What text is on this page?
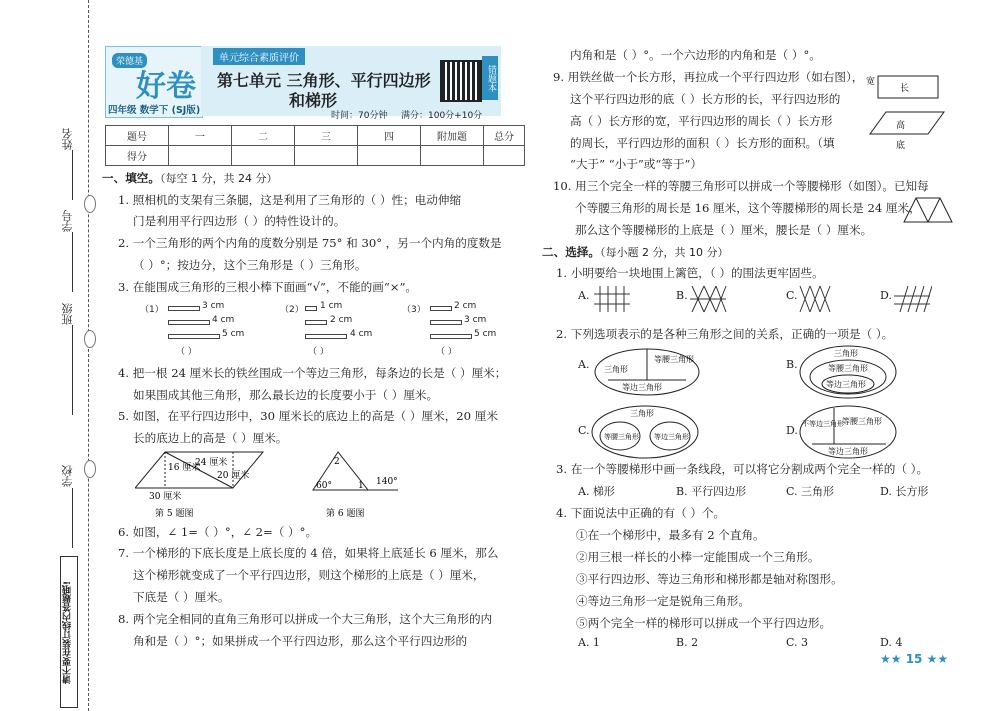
姓名
学号
班级
学校
请不要在装订线内答题哦!
荣德基
好卷
四年级 数学下 (SJ版)
单元综合素质评价
第七单元 三角形、平行四边形
和梯形
时间：70分钟 满分：100分+10分
错题本
题号	一	二	三	四	附加题	总分
得分						
一、填空。（每空 1 分，共 24 分）
1. 照相机的支架有三条腿，这是利用了三角形的（ ）性；电动伸缩
门是利用平行四边形（ ）的特性设计的。
2. 一个三角形的两个内角的度数分别是 75° 和 30° ，另一个内角的度数是
（ ）°；按边分，这个三角形是（ ）三角形。
3. 在能围成三角形的三根小棒下面画“√”，不能的画“×”。
（1）	3 cm
4 cm
5 cm
（2） 1 cm
2 cm
4 cm
（3）	2 cm
3 cm
5 cm
（ ）	（ ）	（ ）
4. 把一根 24 厘米长的铁丝围成一个等边三角形，每条边的长是（ ）厘米；
如果围成其他三角形，那么最长边的长度要小于（ ）厘米。
5. 如图，在平行四边形中，30 厘米长的底边上的高是（ ）厘米，20 厘米
长的底边上的高是（ ）厘米。
16 厘米
24 厘米
20 厘米
30 厘米
第 5 题图
2
1
60°	140°
第 6 题图
6. 如图，∠ 1=（ ）°，∠ 2=（ ）°。
7. 一个梯形的下底长度是上底长度的 4 倍，如果将上底延长 6 厘米，那么
这个梯形就变成了一个平行四边形，则这个梯形的上底是（ ）厘米，
下底是（ ）厘米。
8. 两个完全相同的直角三角形可以拼成一个大三角形，这个大三角形的内
角和是（ ）°；如果拼成一个平行四边形，那么这个平行四边形的
内角和是（ ）°。一个六边形的内角和是（ ）°。
9. 用铁丝做一个长方形，再拉成一个平行四边形（如右图），
这个平行四边形的底（ ）长方形的长，平行四边形的
高（ ）长方形的宽，平行四边形的周长（ ）长方形
的周长，平行四边形的面积（ ）长方形的面积。（填
“大于” “小于”或“等于”）
宽
长
高
底
10. 用三个完全一样的等腰三角形可以拼成一个等腰梯形（如图）。已知每
个等腰三角形的周长是 16 厘米，这个等腰梯形的周长是 24 厘米，
那么这个等腰梯形的上底是（ ）厘米，腰长是（ ）厘米。
二、选择。（每小题 2 分，共 10 分）
1. 小明要给一块地围上篱笆，（ ）的围法更牢固些。
A.	B.	C.	D.
2. 下列选项表示的是各种三角形之间的关系，正确的一项是（ ）。
A.	B.
C.	D.
三角形
等腰三角形
等边三角形
三角形
等腰三角形
等边三角形
三角形
等腰三角形 等边三角形
不等边三角形
等腰三角形
等边三角形
3. 在一个等腰梯形中画一条线段，可以将它分割成两个完全一样的（ ）。
A. 梯形	B. 平行四边形	C. 三角形	D. 长方形
4. 下面说法中正确的有（ ）个。
①在一个梯形中，最多有 2 个直角。
②用三根一样长的小棒一定能围成一个三角形。
③平行四边形、等边三角形和梯形都是轴对称图形。
④等边三角形一定是锐角三角形。
⑤两个完全一样的梯形可以拼成一个平行四边形。
A. 1	B. 2	C. 3	D. 4
★★ 15 ★★
